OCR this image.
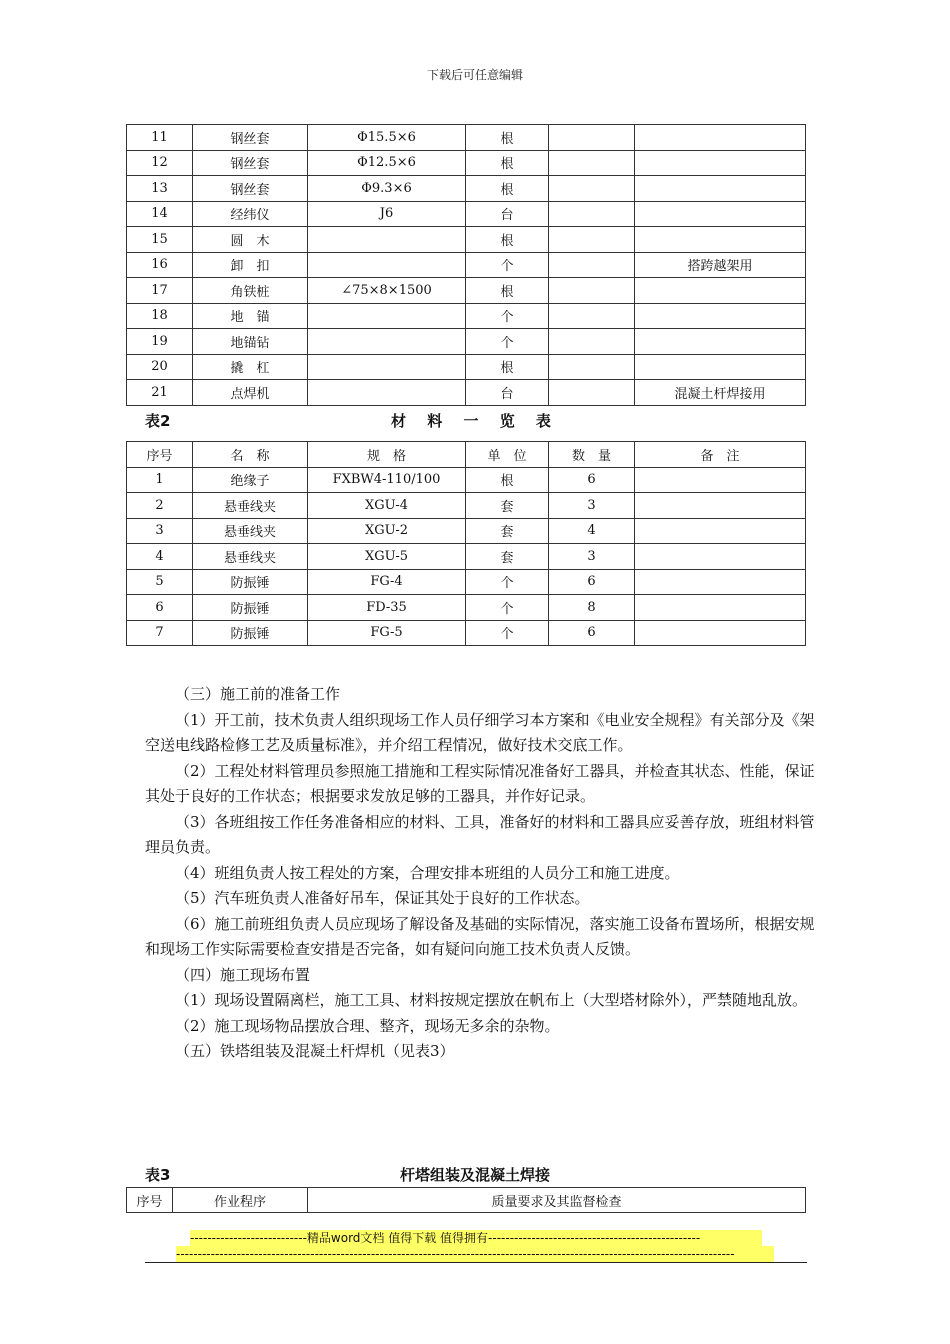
下载后可任意编辑
11	钢丝套	Φ15.5×6	根		
12	钢丝套	Φ12.5×6	根		
13	钢丝套	Φ9.3×6	根		
14	经纬仪	J6	台		
15	圆　木		根		
16	卸　扣		个		搭跨越架用
17	角铁桩	∠75×8×1500	根		
18	地　锚		个		
19	地锚钻		个		
20	撬　杠		根		
21	点焊机		台		混凝土杆焊接用
表2	材 料 一 览 表
序号	名　称	规　格	单　位	数　量	备　注
1	绝缘子	FXBW4-110/100	根	6	
2	悬垂线夹	XGU-4	套	3	
3	悬垂线夹	XGU-2	套	4	
4	悬垂线夹	XGU-5	套	3	
5	防振锤	FG-4	个	6	
6	防振锤	FD-35	个	8	
7	防振锤	FG-5	个	6	

（三）施工前的准备工作

（1）开工前，技术负责人组织现场工作人员仔细学习本方案和《电业安全规程》有关部分及《架空送电线路检修工艺及质量标准》，并介绍工程情况，做好技术交底工作。

（2）工程处材料管理员参照施工措施和工程实际情况准备好工器具，并检查其状态、性能，保证其处于良好的工作状态；根据要求发放足够的工器具，并作好记录。

（3）各班组按工作任务准备相应的材料、工具，准备好的材料和工器具应妥善存放，班组材料管理员负责。

（4）班组负责人按工程处的方案，合理安排本班组的人员分工和施工进度。

（5）汽车班负责人准备好吊车，保证其处于良好的工作状态。

（6）施工前班组负责人员应现场了解设备及基础的实际情况，落实施工设备布置场所，根据安规和现场工作实际需要检查安措是否完备，如有疑问向施工技术负责人反馈。

（四）施工现场布置

（1）现场设置隔离栏，施工工具、材料按规定摆放在帆布上（大型塔材除外），严禁随地乱放。

（2）施工现场物品摆放合理、整齐，现场无多余的杂物。

（五）铁塔组装及混凝土杆焊机（见表3）

表3	杆塔组装及混凝土焊接
序号	作业程序	质量要求及其监督检查
---------------------------精品word文档 值得下载 值得拥有-------------------------------------------------
---------------------------------------------------------------------------------------------------------------------------------
